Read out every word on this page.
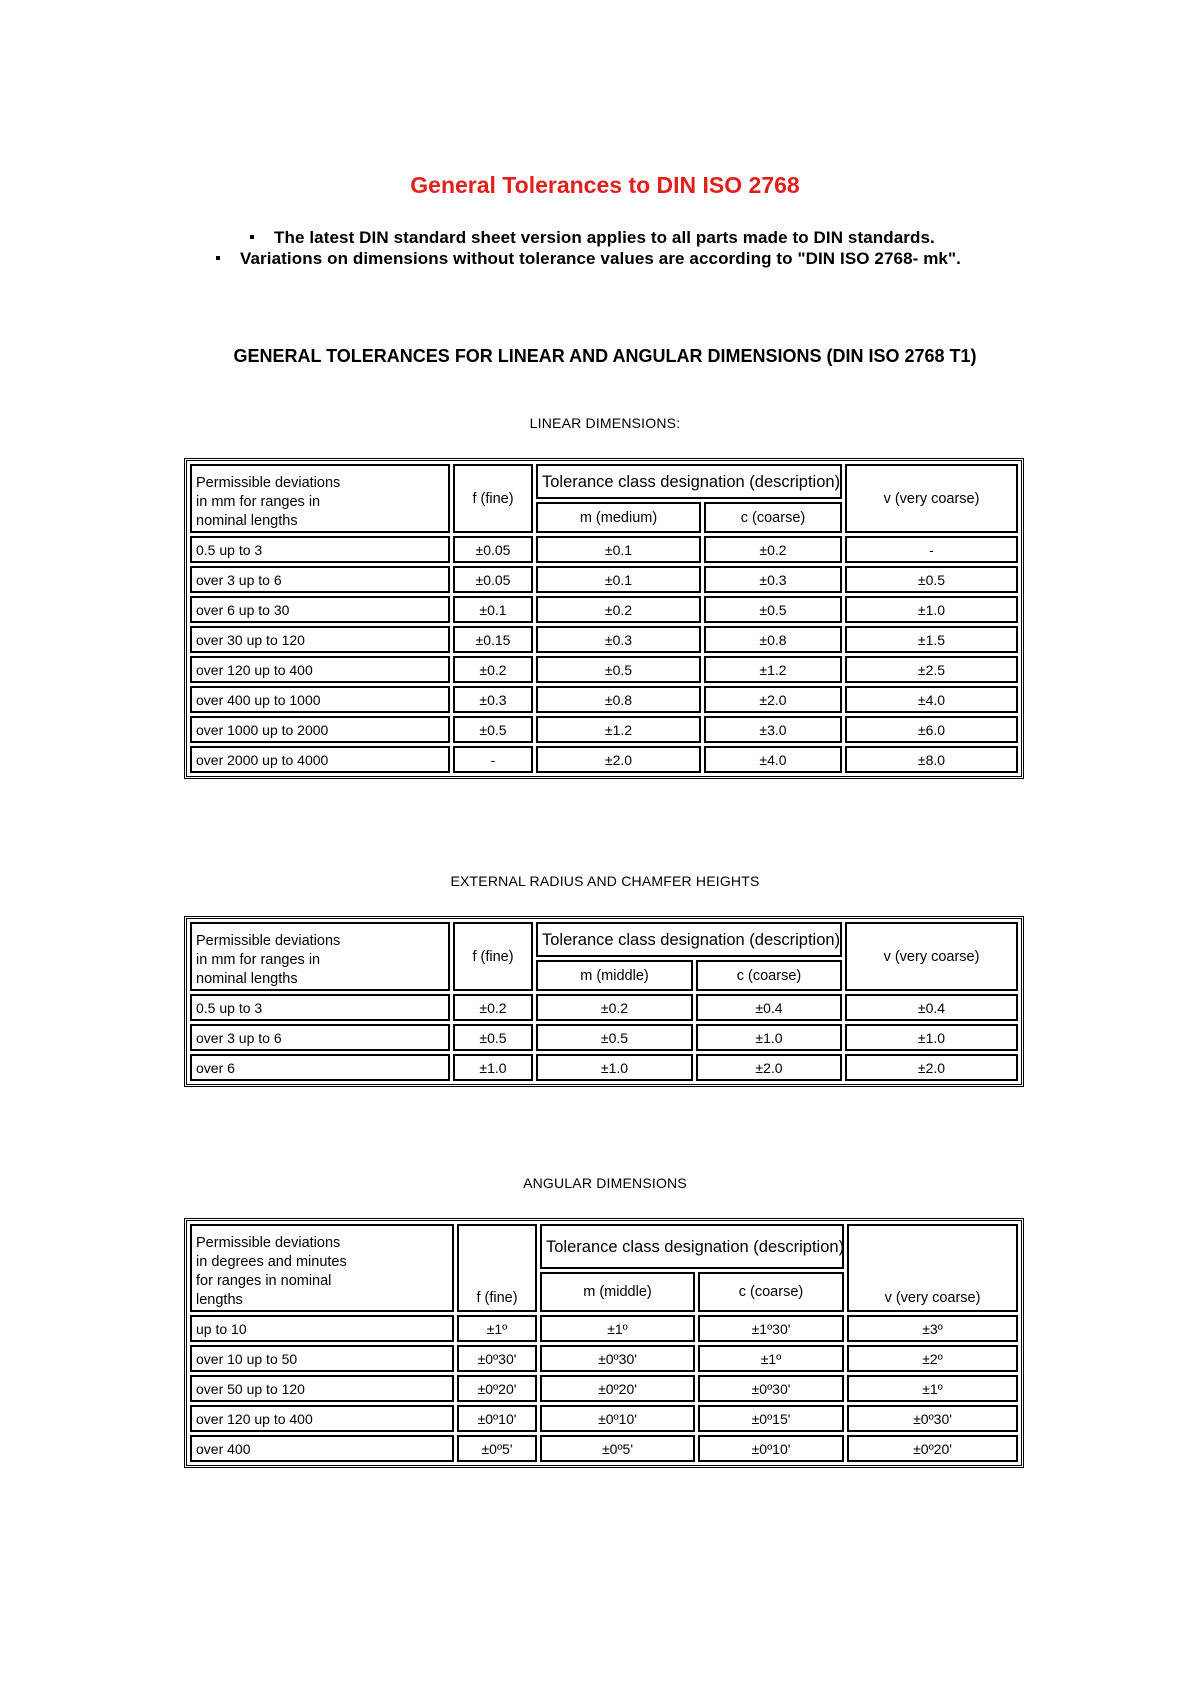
General Tolerances to DIN ISO 2768
The latest DIN standard sheet version applies to all parts made to DIN standards.
Variations on dimensions without tolerance values are according to "DIN ISO 2768- mk".
GENERAL TOLERANCES FOR LINEAR AND ANGULAR DIMENSIONS (DIN ISO 2768 T1)
LINEAR DIMENSIONS:
Permissible deviations
in mm for ranges in
nominal lengths	f (fine)	Tolerance class designation (description)		v (very coarse)
		m (medium)	c (coarse)	
0.5 up to 3	±0.05	±0.1	±0.2	-
over 3 up to 6	±0.05	±0.1	±0.3	±0.5
over 6 up to 30	±0.1	±0.2	±0.5	±1.0
over 30 up to 120	±0.15	±0.3	±0.8	±1.5
over 120 up to 400	±0.2	±0.5	±1.2	±2.5
over 400 up to 1000	±0.3	±0.8	±2.0	±4.0
over 1000 up to 2000	±0.5	±1.2	±3.0	±6.0
over 2000 up to 4000	-	±2.0	±4.0	±8.0
EXTERNAL RADIUS AND CHAMFER HEIGHTS
Permissible deviations
in mm for ranges in
nominal lengths	f (fine)	Tolerance class designation (description)		v (very coarse)
		m (middle)	c (coarse)	
0.5 up to 3	±0.2	±0.2	±0.4	±0.4
over 3 up to 6	±0.5	±0.5	±1.0	±1.0
over 6	±1.0	±1.0	±2.0	±2.0
ANGULAR DIMENSIONS
Permissible deviations
in degrees and minutes
for ranges in nominal
lengths	f (fine)	Tolerance class designation (description)		v (very coarse)
		m (middle)	c (coarse)	
up to 10	±1º	±1º	±1º30'	±3º
over 10 up to 50	±0º30'	±0º30'	±1º	±2º
over 50 up to 120	±0º20'	±0º20'	±0º30'	±1º
over 120 up to 400	±0º10'	±0º10'	±0º15'	±0º30'
over 400	±0º5'	±0º5'	±0º10'	±0º20'
